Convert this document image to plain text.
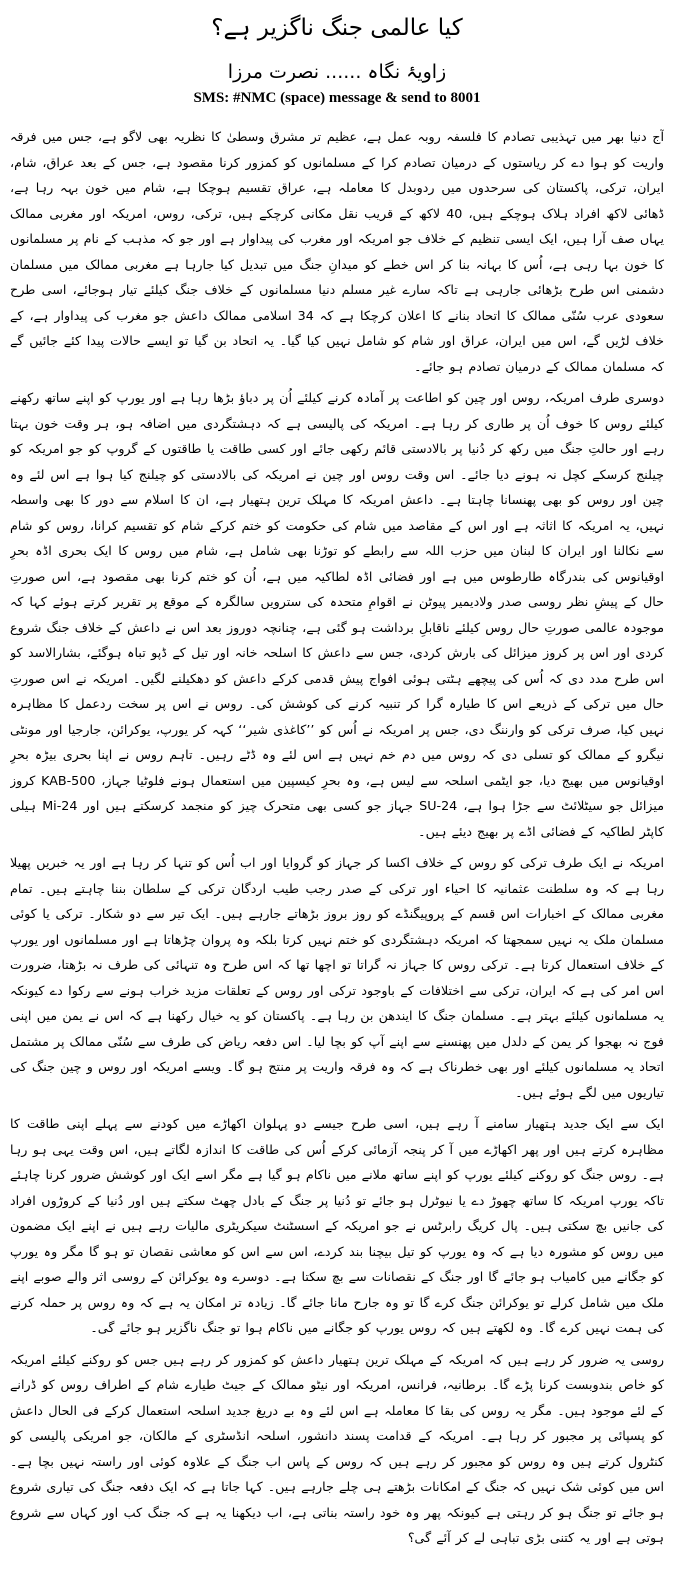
کیا عالمی جنگ ناگزیر ہے؟
زاویۂ نگاہ ...... نصرت مرزا
SMS: #NMC (space) message & send to 8001

آج دنیا بھر میں تہذیبی تصادم کا فلسفہ روبہ عمل ہے، عظیم تر مشرق وسطیٰ کا نظریہ بھی لاگو ہے، جس میں فرقہ واریت کو ہوا دے کر ریاستوں کے درمیان تصادم کرا کے مسلمانوں کو کمزور کرنا مقصود ہے، جس کے بعد عراق، شام، ایران، ترکی، پاکستان کی سرحدوں میں ردوبدل کا معاملہ ہے، عراق تقسیم ہوچکا ہے، شام میں خون بہہ رہا ہے، ڈھائی لاکھ افراد ہلاک ہوچکے ہیں، 40 لاکھ کے قریب نقل مکانی کرچکے ہیں، ترکی، روس، امریکہ اور مغربی ممالک یہاں صف آرا ہیں، ایک ایسی تنظیم کے خلاف جو امریکہ اور مغرب کی پیداوار ہے اور جو کہ مذہب کے نام پر مسلمانوں کا خون بہا رہی ہے، اُس کا بہانہ بنا کر اس خطے کو میدانِ جنگ میں تبدیل کیا جارہا ہے مغربی ممالک میں مسلمان دشمنی اس طرح بڑھائی جارہی ہے تاکہ سارے غیر مسلم دنیا مسلمانوں کے خلاف جنگ کیلئے تیار ہوجائے، اسی طرح سعودی عرب سُنّی ممالک کا اتحاد بنانے کا اعلان کرچکا ہے کہ 34 اسلامی ممالک داعش جو مغرب کی پیداوار ہے، کے خلاف لڑیں گے، اس میں ایران، عراق اور شام کو شامل نہیں کیا گیا۔ یہ اتحاد بن گیا تو ایسے حالات پیدا کئے جائیں گے کہ مسلمان ممالک کے درمیان تصادم ہو جائے۔

دوسری طرف امریکہ، روس اور چین کو اطاعت پر آمادہ کرنے کیلئے اُن پر دباؤ بڑھا رہا ہے اور یورپ کو اپنے ساتھ رکھنے کیلئے روس کا خوف اُن پر طاری کر رہا ہے۔ امریکہ کی پالیسی ہے کہ دہشتگردی میں اضافہ ہو، ہر وقت خون بہتا رہے اور حالتِ جنگ میں رکھ کر دُنیا پر بالادستی قائم رکھی جائے اور کسی طاقت یا طاقتوں کے گروپ کو جو امریکہ کو چیلنج کرسکے کچل نہ ہونے دیا جائے۔ اس وقت روس اور چین نے امریکہ کی بالادستی کو چیلنج کیا ہوا ہے اس لئے وہ چین اور روس کو بھی پھنسانا چاہتا ہے۔ داعش امریکہ کا مہلک ترین ہتھیار ہے، ان کا اسلام سے دور کا بھی واسطہ نہیں، یہ امریکہ کا اثاثہ ہے اور اس کے مقاصد میں شام کی حکومت کو ختم کرکے شام کو تقسیم کرانا، روس کو شام سے نکالنا اور ایران کا لبنان میں حزب اللہ سے رابطے کو توڑنا بھی شامل ہے، شام میں روس کا ایک بحری اڈہ بحرِ اوقیانوس کی بندرگاہ طارطوس میں ہے اور فضائی اڈہ لطاکیہ میں ہے، اُن کو ختم کرنا بھی مقصود ہے، اس صورتِ حال کے پیشِ نظر روسی صدر ولادیمیر پیوٹن نے اقوامِ متحدہ کی سترویں سالگرہ کے موقع پر تقریر کرتے ہوئے کہا کہ موجودہ عالمی صورتِ حال روس کیلئے ناقابلِ برداشت ہو گئی ہے، چنانچہ دوروز بعد اس نے داعش کے خلاف جنگ شروع کردی اور اس پر کروز میزائل کی بارش کردی، جس سے داعش کا اسلحہ خانہ اور تیل کے ڈپو تباہ ہوگئے، بشارالاسد کو اس طرح مدد دی کہ اُس کی پیچھے ہٹتی ہوئی افواج پیش قدمی کرکے داعش کو دھکیلنے لگیں۔ امریکہ نے اس صورتِ حال میں ترکی کے ذریعے اس کا طیارہ گرا کر تنبیہ کرنے کی کوشش کی۔ روس نے اس پر سخت ردعمل کا مظاہرہ نہیں کیا، صرف ترکی کو وارننگ دی، جس پر امریکہ نے اُس کو ’’کاغذی شیر‘‘ کہہ کر یورپ، یوکرائن، جارجیا اور مونٹی نیگرو کے ممالک کو تسلی دی کہ روس میں دم خم نہیں ہے اس لئے وہ ڈٹے رہیں۔ تاہم روس نے اپنا بحری بیڑہ بحرِ اوقیانوس میں بھیج دیا، جو ایٹمی اسلحہ سے لیس ہے، وہ بحرِ کیسپین میں استعمال ہونے فلوٹیا جہاز، KAB-500 کروز میزائل جو سیٹلائٹ سے جڑا ہوا ہے، SU-24 جہاز جو کسی بھی متحرک چیز کو منجمد کرسکتے ہیں اور Mi-24 ہیلی کاپٹر لطاکیہ کے فضائی اڈے پر بھیج دیئے ہیں۔

امریکہ نے ایک طرف ترکی کو روس کے خلاف اکسا کر جہاز کو گروایا اور اب اُس کو تنہا کر رہا ہے اور یہ خبریں پھیلا رہا ہے کہ وہ سلطنت عثمانیہ کا احیاء اور ترکی کے صدر رجب طیب اردگان ترکی کے سلطان بننا چاہتے ہیں۔ تمام مغربی ممالک کے اخبارات اس قسم کے پروپیگنڈے کو روز بروز بڑھاتے جارہے ہیں۔ ایک تیر سے دو شکار۔ ترکی یا کوئی مسلمان ملک یہ نہیں سمجھتا کہ امریکہ دہشتگردی کو ختم نہیں کرتا بلکہ وہ پروان چڑھاتا ہے اور مسلمانوں اور یورپ کے خلاف استعمال کرتا ہے۔ ترکی روس کا جہاز نہ گراتا تو اچھا تھا کہ اس طرح وہ تنہائی کی طرف نہ بڑھتا، ضرورت اس امر کی ہے کہ ایران، ترکی سے اختلافات کے باوجود ترکی اور روس کے تعلقات مزید خراب ہونے سے رکوا دے کیونکہ یہ مسلمانوں کیلئے بہتر ہے۔ مسلمان جنگ کا ایندھن بن رہا ہے۔ پاکستان کو یہ خیال رکھنا ہے کہ اس نے یمن میں اپنی فوج نہ بھجوا کر یمن کے دلدل میں پھنسنے سے اپنے آپ کو بچا لیا۔ اس دفعہ ریاض کی طرف سے سُنّی ممالک پر مشتمل اتحاد یہ مسلمانوں کیلئے اور بھی خطرناک ہے کہ وہ فرقہ واریت پر منتج ہو گا۔ ویسے امریکہ اور روس و چین جنگ کی تیاریوں میں لگے ہوئے ہیں۔

ایک سے ایک جدید ہتھیار سامنے آ رہے ہیں، اسی طرح جیسے دو پہلوان اکھاڑے میں کودنے سے پہلے اپنی طاقت کا مظاہرہ کرتے ہیں اور پھر اکھاڑے میں آ کر پنجہ آزمائی کرکے اُس کی طاقت کا اندازہ لگاتے ہیں، اس وقت یہی ہو رہا ہے۔ روس جنگ کو روکنے کیلئے یورپ کو اپنے ساتھ ملانے میں ناکام ہو گیا ہے مگر اسے ایک اور کوشش ضرور کرنا چاہئے تاکہ یورپ امریکہ کا ساتھ چھوڑ دے یا نیوٹرل ہو جائے تو دُنیا پر جنگ کے بادل چھٹ سکتے ہیں اور دُنیا کے کروڑوں افراد کی جانیں بچ سکتی ہیں۔ پال کریگ رابرٹس نے جو امریکہ کے اسسٹنٹ سیکریٹری مالیات رہے ہیں نے اپنے ایک مضمون میں روس کو مشورہ دیا ہے کہ وہ یورپ کو تیل بیچنا بند کردے، اس سے اس کو معاشی نقصان تو ہو گا مگر وہ یورپ کو جگانے میں کامیاب ہو جائے گا اور جنگ کے نقصانات سے بچ سکتا ہے۔ دوسرے وہ یوکرائن کے روسی اثر والے صوبے اپنے ملک میں شامل کرلے تو یوکرائن جنگ کرے گا تو وہ جارح مانا جائے گا۔ زیادہ تر امکان یہ ہے کہ وہ روس پر حملہ کرنے کی ہمت نہیں کرے گا۔ وہ لکھتے ہیں کہ روس یورپ کو جگانے میں ناکام ہوا تو جنگ ناگزیر ہو جائے گی۔

روسی یہ ضرور کر رہے ہیں کہ امریکہ کے مہلک ترین ہتھیار داعش کو کمزور کر رہے ہیں جس کو روکنے کیلئے امریکہ کو خاص بندوبست کرنا پڑے گا۔ برطانیہ، فرانس، امریکہ اور نیٹو ممالک کے جیٹ طیارے شام کے اطراف روس کو ڈرانے کے لئے موجود ہیں۔ مگر یہ روس کی بقا کا معاملہ ہے اس لئے وہ بے دریغ جدید اسلحہ استعمال کرکے فی الحال داعش کو پسپائی پر مجبور کر رہا ہے۔ امریکہ کے قدامت پسند دانشور، اسلحہ انڈسٹری کے مالکان، جو امریکی پالیسی کو کنٹرول کرتے ہیں وہ روس کو مجبور کر رہے ہیں کہ روس کے پاس اب جنگ کے علاوہ کوئی اور راستہ نہیں بچا ہے۔ اس میں کوئی شک نہیں کہ جنگ کے امکانات بڑھتے ہی چلے جارہے ہیں۔ کہا جاتا ہے کہ ایک دفعہ جنگ کی تیاری شروع ہو جائے تو جنگ ہو کر رہتی ہے کیونکہ پھر وہ خود راستہ بناتی ہے، اب دیکھنا یہ ہے کہ جنگ کب اور کہاں سے شروع ہوتی ہے اور یہ کتنی بڑی تباہی لے کر آئے گی؟
